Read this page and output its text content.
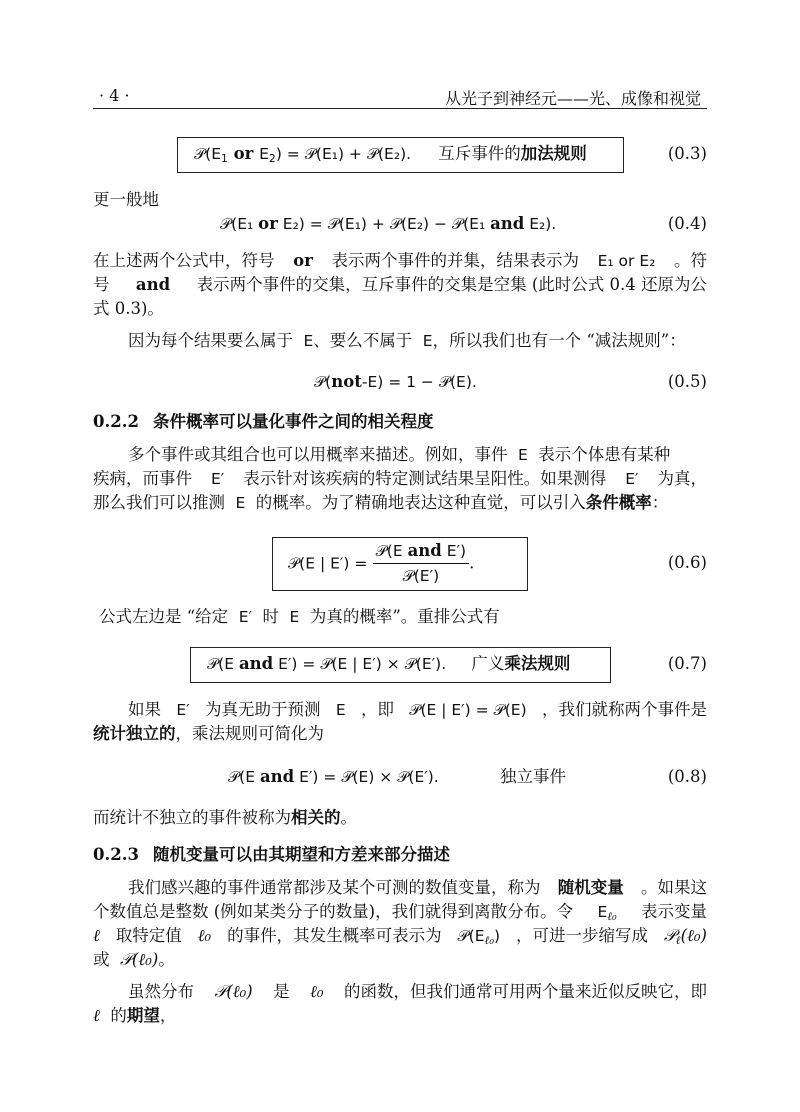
· 4 ·	从光子到神经元——光、成像和视觉
$𝒫(E_1$ or $E_2$) = 𝒫(E₁) + 𝒫(E₂). 互斥事件的加法规则	(0.3)
更一般地
𝒫(E₁ or E₂) = 𝒫(E₁) + 𝒫(E₂) − 𝒫(E₁ and E₂).	(0.4)
在上述两个公式中，符号 or 表示两个事件的并集，结果表示为 E₁ or E₂ 。符
号 and 表示两个事件的交集，互斥事件的交集是空集 (此时公式 0.4 还原为公
式 0.3)。
因为每个结果要么属于 E、要么不属于 E，所以我们也有一个 “减法规则”：
𝒫(not-E) = 1 − 𝒫(E).	(0.5)
0.2.2 条件概率可以量化事件之间的相关程度
多个事件或其组合也可以用概率来描述。例如，事件 E 表示个体患有某种
疾病，而事件 E′ 表示针对该疾病的特定测试结果呈阳性。如果测得 E′ 为真，
那么我们可以推测 E 的概率。为了精确地表达这种直觉，可以引入条件概率：
𝒫(E | $E') = \frac{\text{𝒫(E and E′)}}{\text{𝒫(E′)}}$ .	(0.6)
公式左边是 “给定 E′ 时 E 为真的概率”。重排公式有
𝒫(E and E′) = 𝒫(E | E′) × 𝒫(E′). 广义乘法规则	(0.7)
如果 E′ 为真无助于预测 E ，即 𝒫(E | E′) = 𝒫(E) ，我们就称两个事件是
统计独立的，乘法规则可简化为
𝒫(E and E′) = 𝒫(E) × 𝒫(E′).	独立事件	(0.8)
而统计不独立的事件被称为相关的。
0.2.3 随机变量可以由其期望和方差来部分描述
我们感兴趣的事件通常都涉及某个可测的数值变量，称为 随机变量 。如果这
个数值总是整数 (例如某类分子的数量)，我们就得到离散分布。令 $E_{\ell_0}$ 表示变量
ℓ 取特定值 ℓ₀ 的事件，其发生概率可表示为 $𝒫(E_{\ell_0})$ ，可进一步缩写成 𝒫$_\ell$(ℓ₀)
或 𝒫(ℓ₀)。
虽然分布 𝒫(ℓ₀) 是 ℓ₀ 的函数，但我们通常可用两个量来近似反映它，即
ℓ 的期望，
